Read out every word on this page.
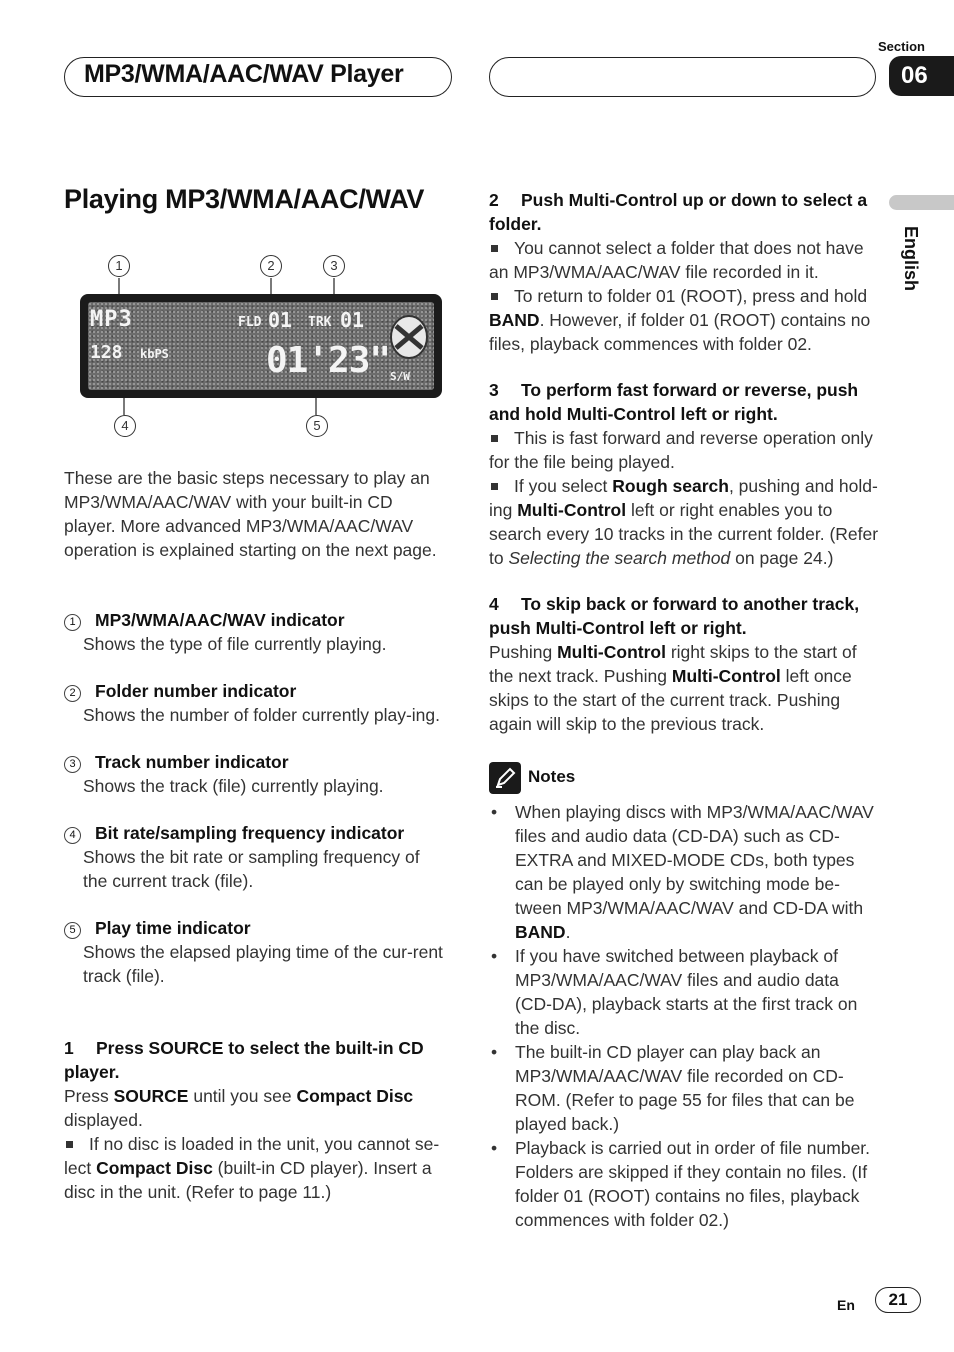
MP3/WMA/AAC/WAV Player
Section
06
English
Playing MP3/WMA/AAC/WAV
1	2	3
MP3	FLD 01 TRK 01
128 kbPS	01'23" S/W
4	5
These are the basic steps necessary to play an MP3/WMA/AAC/WAV with your built-in CD player. More advanced MP3/WMA/AAC/WAV operation is explained starting on the next page.
1 MP3/WMA/AAC/WAV indicator
Shows the type of file currently playing.
2 Folder number indicator
Shows the number of folder currently play-ing.
3 Track number indicator
Shows the track (file) currently playing.
4 Bit rate/sampling frequency indicator
Shows the bit rate or sampling frequency of the current track (file).
5 Play time indicator
Shows the elapsed playing time of the cur-rent track (file).
1 Press SOURCE to select the built-in CD player.
Press SOURCE until you see Compact Disc displayed.
If no disc is loaded in the unit, you cannot se-lect Compact Disc (built-in CD player). Insert a disc in the unit. (Refer to page 11.)
2 Push Multi-Control up or down to select a folder.
You cannot select a folder that does not have an MP3/WMA/AAC/WAV file recorded in it.
To return to folder 01 (ROOT), press and hold BAND. However, if folder 01 (ROOT) contains no files, playback commences with folder 02.
3 To perform fast forward or reverse, push and hold Multi-Control left or right.
This is fast forward and reverse operation only for the file being played.
If you select Rough search, pushing and hold-ing Multi-Control left or right enables you to search every 10 tracks in the current folder. (Refer to Selecting the search method on page 24.)
4 To skip back or forward to another track, push Multi-Control left or right.
Pushing Multi-Control right skips to the start of the next track. Pushing Multi-Control left once skips to the start of the current track. Pushing again will skip to the previous track.
Notes
• When playing discs with MP3/WMA/AAC/WAV files and audio data (CD-DA) such as CD-EXTRA and MIXED-MODE CDs, both types can be played only by switching mode be-tween MP3/WMA/AAC/WAV and CD-DA with BAND.
• If you have switched between playback of MP3/WMA/AAC/WAV files and audio data (CD-DA), playback starts at the first track on the disc.
• The built-in CD player can play back an MP3/WMA/AAC/WAV file recorded on CD-ROM. (Refer to page 55 for files that can be played back.)
• Playback is carried out in order of file number. Folders are skipped if they contain no files. (If folder 01 (ROOT) contains no files, playback commences with folder 02.)
En	21
